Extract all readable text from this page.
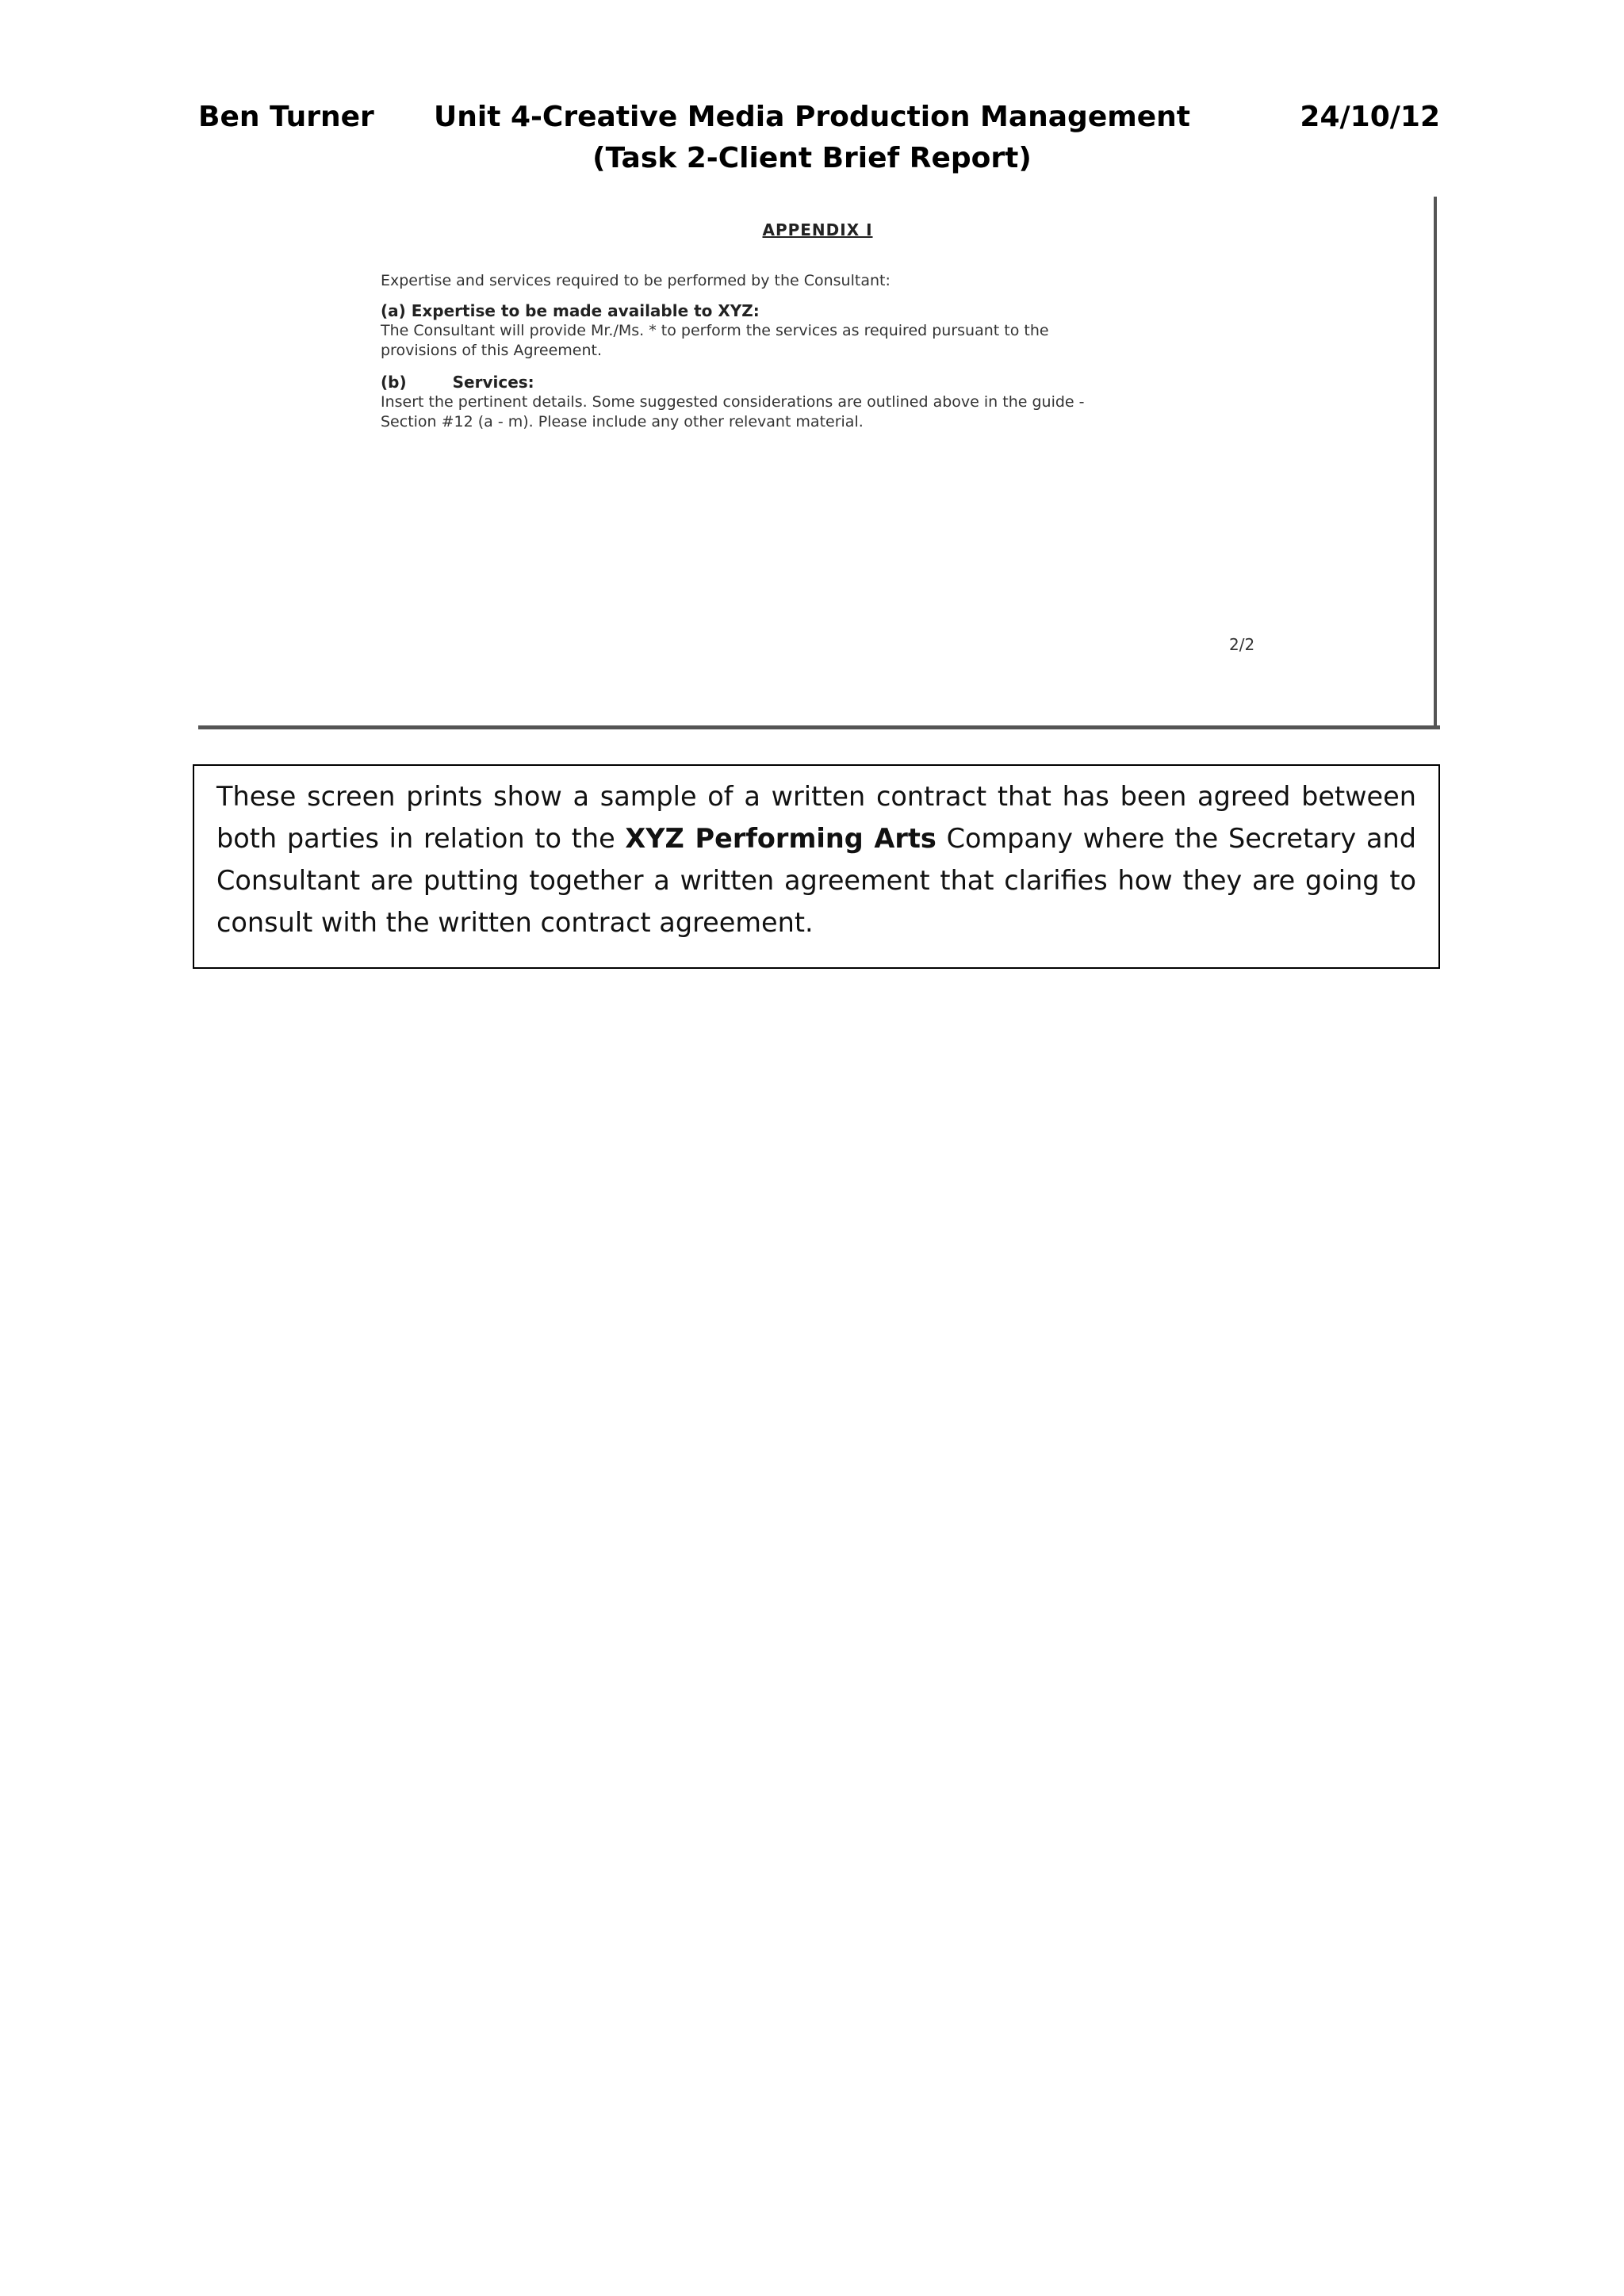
Ben Turner	Unit 4-Creative Media Production Management
(Task 2-Client Brief Report)
24/10/12
APPENDIX I
Expertise and services required to be performed by the Consultant:
(a) Expertise to be made available to XYZ:
The Consultant will provide Mr./Ms. * to perform the services as required pursuant to the
provisions of this Agreement.
(b)	Services:
Insert the pertinent details. Some suggested considerations are outlined above in the guide -
Section #12 (a - m). Please include any other relevant material.
2/2

These screen prints show a sample of a written contract that has been agreed between both parties in relation to the XYZ Performing Arts Company where the Secretary and Consultant are putting together a written agreement that clarifies how they are going to consult with the written contract agreement.
